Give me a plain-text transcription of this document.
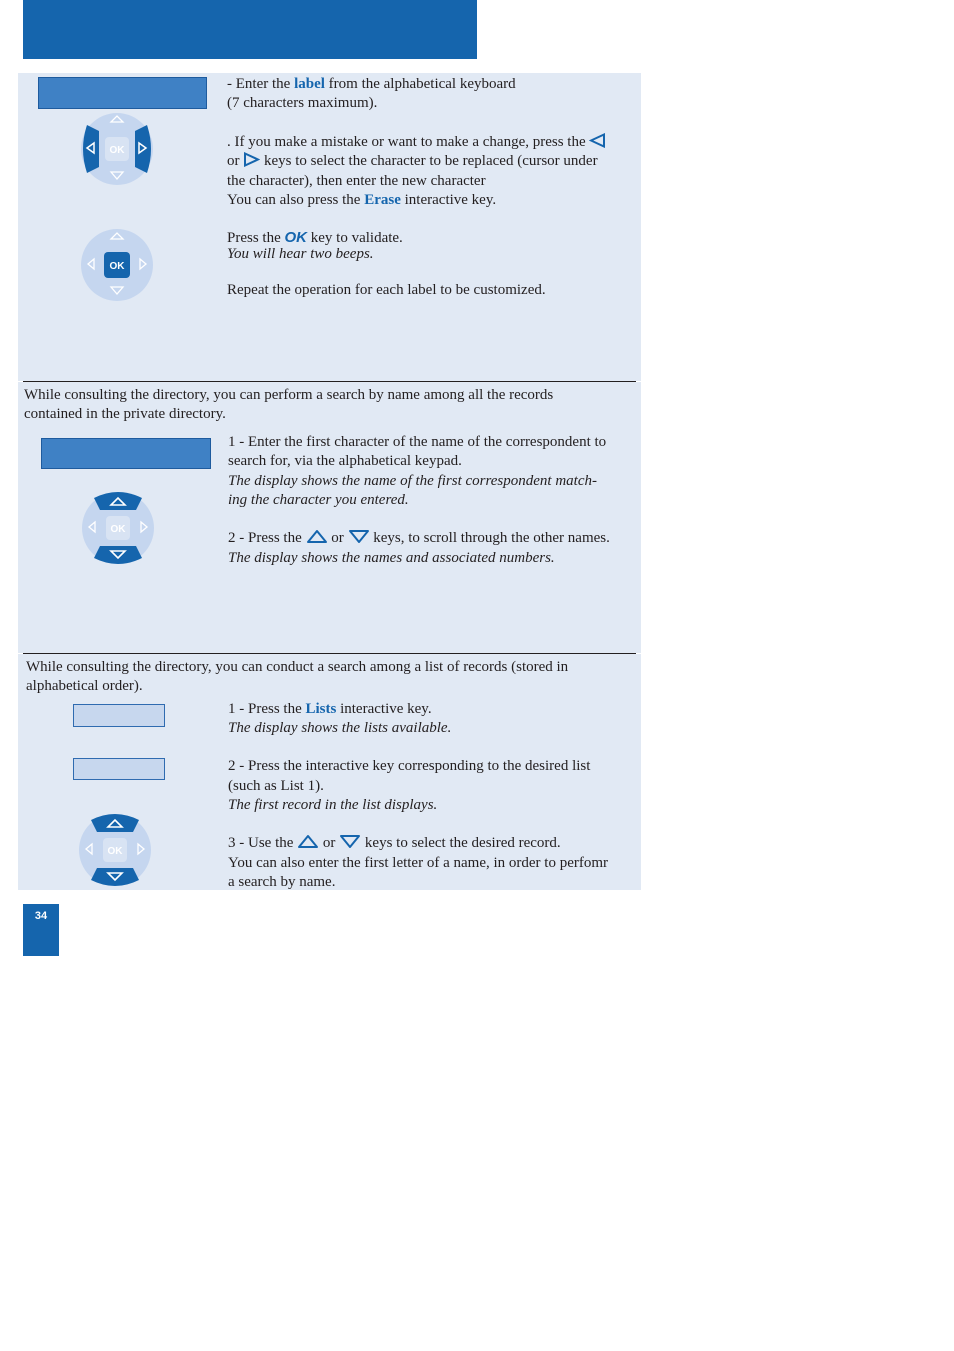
OK
OK
- Enter the label from the alphabetical keyboard
(7 characters maximum).
. If you make a mistake or want to make a change, press the
or  keys to select the character to be replaced (cursor under
the character), then enter the new character
You can also press the Erase interactive key.
Press the OK key to validate.
You will hear two beeps.
Repeat the operation for each label to be customized.
While consulting the directory, you can perform a search by name among all the records
contained in the private directory.
OK
1 - Enter the first character of the name of the correspondent to
search for, via the alphabetical keypad.
The display shows the name of the first correspondent match-
ing the character you entered.
2 - Press the  or  keys, to scroll through the other names.
The display shows the names and associated numbers.
While consulting the directory, you can conduct a search among a list of records (stored in
alphabetical order).
OK
1 - Press the Lists interactive key.
The display shows the lists available.
2 - Press the interactive key corresponding to the desired list
(such as List 1).
The first record in the list displays.
3 - Use the  or  keys to select the desired record.
You can also enter the first letter of a name, in order to perfomr
a search by name.
34
